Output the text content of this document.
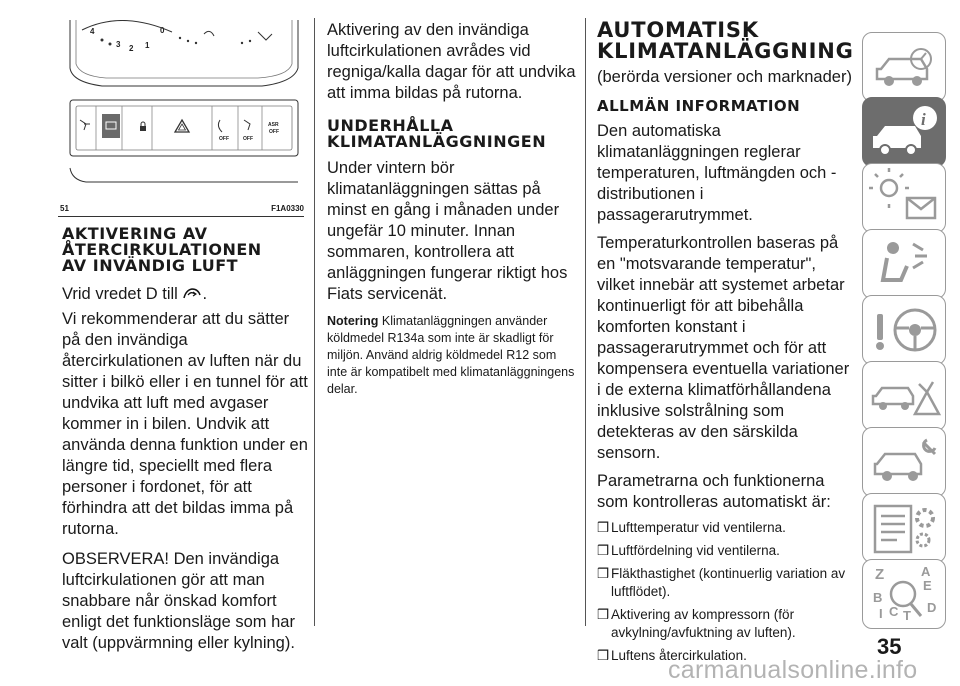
4
3 2 1
0
OFF	OFF
ASR
OFF
51	F1A0330
AKTIVERING AV
ÅTERCIRKULATIONEN
AV INVÄNDIG LUFT

Vrid vredet D till .

Vi rekommenderar att du sätter på den invändiga återcirkulationen av luften när du sitter i bilkö eller i en tunnel för att undvika att luft med avgaser kommer in i bilen. Undvik att använda denna funktion under en längre tid, speciellt med flera personer i fordonet, för att förhindra att det bildas imma på rutorna.

OBSERVERA! Den invändiga luftcirkulationen gör att man snabbare når önskad komfort enligt det funktionsläge som har valt (uppvärmning eller kylning).

Aktivering av den invändiga luftcirkulationen avrådes vid regniga/kalla dagar för att undvika att imma bildas på rutorna.

UNDERHÅLLA
KLIMATANLÄGGNINGEN

Under vintern bör klimatanläggningen sättas på minst en gång i månaden under ungefär 10 minuter. Innan sommaren, kontrollera att anläggningen fungerar riktigt hos Fiats servicenät.

Notering Klimatanläggningen använder köldmedel R134a som inte är skadligt för miljön. Använd aldrig köldmedel R12 som inte är kompatibelt med klimatanläggningens delar.

AUTOMATISK
KLIMATANLÄGGNING
(berörda versioner och marknader)
ALLMÄN INFORMATION

Den automatiska klimatanläggningen reglerar temperaturen, luftmängden och -distributionen i passagerarutrymmet.

Temperaturkontrollen baseras på en "motsvarande temperatur", vilket innebär att systemet arbetar kontinuerligt för att bibehålla komforten konstant i passagerarutrymmet och för att kompensera eventuella variationer i de externa klimatförhållandena inklusive solstrålning som detekteras av den särskilda sensorn.

Parametrarna och funktionerna som kontrolleras automatiskt är:

❒ Lufttemperatur vid ventilerna.
❒ Luftfördelning vid ventilerna.
❒ Fläkthastighet (kontinuerlig variation av luftflödet).
❒ Aktivering av kompressorn (för avkylning/avfuktning av luften).
❒ Luftens återcirkulation.
i
Z	A
E
B
C
I T
D
35
carmanualsonline.info
